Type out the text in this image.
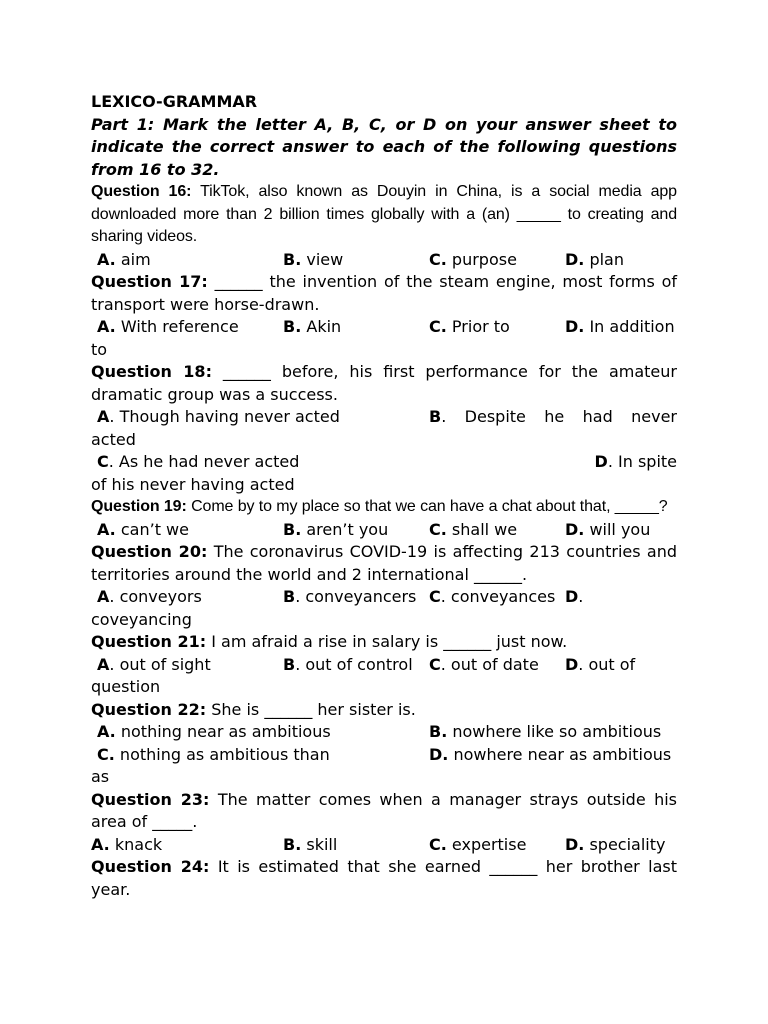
LEXICO-GRAMMAR
Part 1: Mark the letter A, B, C, or D on your answer sheet to indicate the correct answer to each of the following questions from 16 to 32.
Question 16: TikTok, also known as Douyin in China, is a social media app downloaded more than 2 billion times globally with a (an) _____ to creating and sharing videos.
A. aim	B. view	C. purpose	D. plan
Question 17: ______ the invention of the steam engine, most forms of transport were horse-drawn.
A. With reference	B. Akin	C. Prior to	D. In addition
to
Question 18: ______ before, his first performance for the amateur dramatic group was a success.
A. Though having never acted	B. Despite he had never
acted
C. As he had never acted	D. In spite
of his never having acted
Question 19: Come by to my place so that we can have a chat about that, _____?
A. can’t we	B. aren’t you	C. shall we	D. will you
Question 20: The coronavirus COVID-19 is affecting 213 countries and territories around the world and 2 international ______.
A. conveyors	B. conveyancers C. conveyances D.
coveyancing
Question 21: I am afraid a rise in salary is ______ just now.
A. out of sight	B. out of control C. out of date D. out of
question
Question 22: She is ______ her sister is.
A. nothing near as ambitious	B. nowhere like so ambitious
C. nothing as ambitious than	D. nowhere near as ambitious
as
Question 23: The matter comes when a manager strays outside his area of _____.
A. knack	B. skill	C. expertise D. speciality
Question 24: It is estimated that she earned ______ her brother last year.
